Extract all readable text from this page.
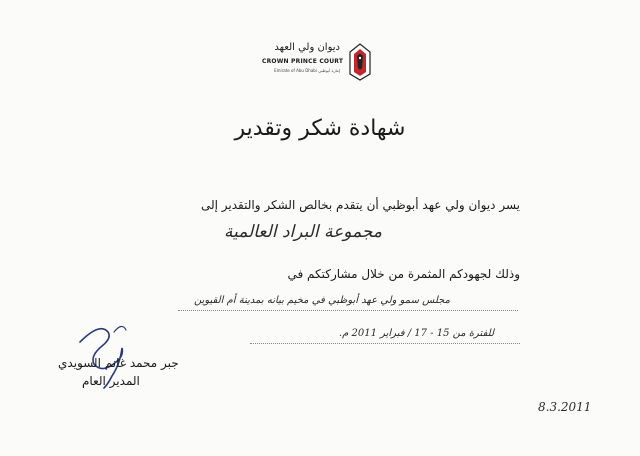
ديوان ولي العهد
CROWN PRINCE COURT
Emirate of Abu Dhabi إمارة أبوظبي
شهادة شكر وتقدير
يسر ديوان ولي عهد أبوظبي أن يتقدم بخالص الشكر والتقدير إلى
مجموعة البراد العالمية
وذلك لجهودكم المثمرة من خلال مشاركتكم في
مجلس سمو ولي عهد أبوظبي في مخيم بيانه بمدينة أم القيوين
للفترة من 15 - 17 / فبراير 2011 م.
جبر محمد غانم السويدي
المدير العام
8.3.2011
